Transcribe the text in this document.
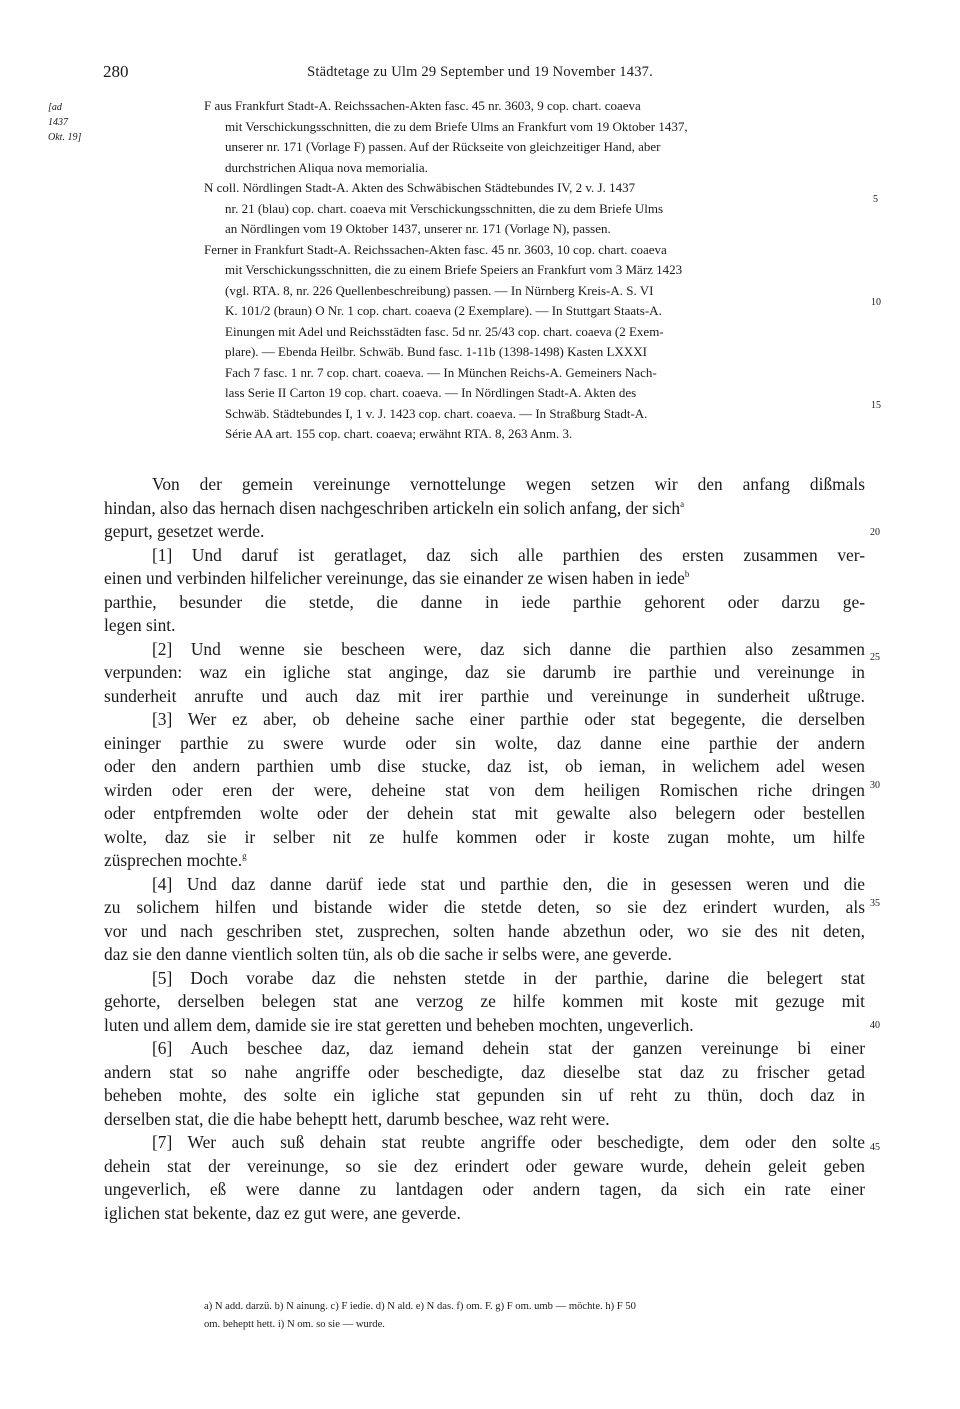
280	Städtetage zu Ulm 29 September und 19 November 1437.
[ad
1437
Okt. 19]
F aus Frankfurt Stadt-A. Reichssachen-Akten fasc. 45 nr. 3603, 9 cop. chart. coaeva
mit Verschickungsschnitten, die zu dem Briefe Ulms an Frankfurt vom 19 Oktober 1437,
unserer nr. 171 (Vorlage F) passen. Auf der Rückseite von gleichzeitiger Hand, aber
durchstrichen Aliqua nova memorialia.
N coll. Nördlingen Stadt-A. Akten des Schwäbischen Städtebundes IV, 2 v. J. 1437
nr. 21 (blau) cop. chart. coaeva mit Verschickungsschnitten, die zu dem Briefe Ulms
an Nördlingen vom 19 Oktober 1437, unserer nr. 171 (Vorlage N), passen.
Ferner in Frankfurt Stadt-A. Reichssachen-Akten fasc. 45 nr. 3603, 10 cop. chart. coaeva
mit Verschickungsschnitten, die zu einem Briefe Speiers an Frankfurt vom 3 März 1423
(vgl. RTA. 8, nr. 226 Quellenbeschreibung) passen. — In Nürnberg Kreis-A. S. VI
K. 101/2 (braun) O Nr. 1 cop. chart. coaeva (2 Exemplare). — In Stuttgart Staats-A.
Einungen mit Adel und Reichsstädten fasc. 5d nr. 25/43 cop. chart. coaeva (2 Exem-
plare). — Ebenda Heilbr. Schwäb. Bund fasc. 1-11b (1398-1498) Kasten LXXXI
Fach 7 fasc. 1 nr. 7 cop. chart. coaeva. — In München Reichs-A. Gemeiners Nach-
lass Serie II Carton 19 cop. chart. coaeva. — In Nördlingen Stadt-A. Akten des
Schwäb. Städtebundes I, 1 v. J. 1423 cop. chart. coaeva. — In Straßburg Stadt-A.
Série AA art. 155 cop. chart. coaeva; erwähnt RTA. 8, 263 Anm. 3.
5
10
15
Von der gemein vereinunge vernottelunge wegen setzen wir den anfang dißmals
hindan, also das hernach disen nachgeschriben artickeln ein solich anfang, der sich$^a$
gepurt, gesetzet werde.
[1] Und daruf ist geratlaget, daz sich alle parthien des ersten zusammen ver-
einen und verbinden hilfelicher vereinunge, das sie einander ze wisen haben in iede$^b$
parthie, besunder die stetde, die danne in iede parthie gehorent oder darzu ge-
legen sint.
[2] Und wenne sie bescheen were, daz sich danne die parthien also zesammen
verpunden: waz ein igliche stat anginge, daz sie darumb ire parthie und vereinunge in
sunderheit anrufte und auch daz mit irer parthie und vereinunge in sunderheit ußtruge.
[3] Wer ez aber, ob deheine sache einer parthie oder stat begegente, die derselben
eininger parthie zu swere wurde oder sin wolte, daz danne eine parthie der andern
oder den andern parthien umb dise stucke, daz ist, ob ieman, in welichem adel wesen
wirden oder eren der were, deheine stat von dem heiligen Romischen riche dringen
oder entpfremden wolte oder der dehein stat mit gewalte also belegern oder bestellen
wolte, daz sie ir selber nit ze hulfe kommen oder ir koste zugan mohte, um hilfe
züsprechen mochte.$^g$
[4] Und daz danne darüf iede stat und parthie den, die in gesessen weren und die
zu solichem hilfen und bistande wider die stetde deten, so sie dez erindert wurden, als
vor und nach geschriben stet, zusprechen, solten hande abzethun oder, wo sie des nit deten,
daz sie den danne vientlich solten tün, als ob die sache ir selbs were, ane geverde.
[5] Doch vorabe daz die nehsten stetde in der parthie, darine die belegert stat
gehorte, derselben belegen stat ane verzog ze hilfe kommen mit koste mit gezuge mit
luten und allem dem, damide sie ire stat geretten und beheben mochten, ungeverlich.
[6] Auch beschee daz, daz iemand dehein stat der ganzen vereinunge bi einer
andern stat so nahe angriffe oder beschedigte, daz dieselbe stat daz zu frischer getad
beheben mohte, des solte ein igliche stat gepunden sin uf reht zu thün, doch daz in
derselben stat, die die habe beheptt hett, darumb beschee, waz reht were.
[7] Wer auch suß dehain stat reubte angriffe oder beschedigte, dem oder den solte
dehein stat der vereinunge, so sie dez erindert oder geware wurde, dehein geleit geben
ungeverlich, eß were danne zu lantdagen oder andern tagen, da sich ein rate einer
iglichen stat bekente, daz ez gut were, ane geverde.
20
25
30
35
40
45
a) N add. darzü. b) N ainung. c) F iedie. d) N ald. e) N das. f) om. F. g) F om. umb — möchte. h) F 50
om. beheptt hett. i) N om. so sie — wurde.
